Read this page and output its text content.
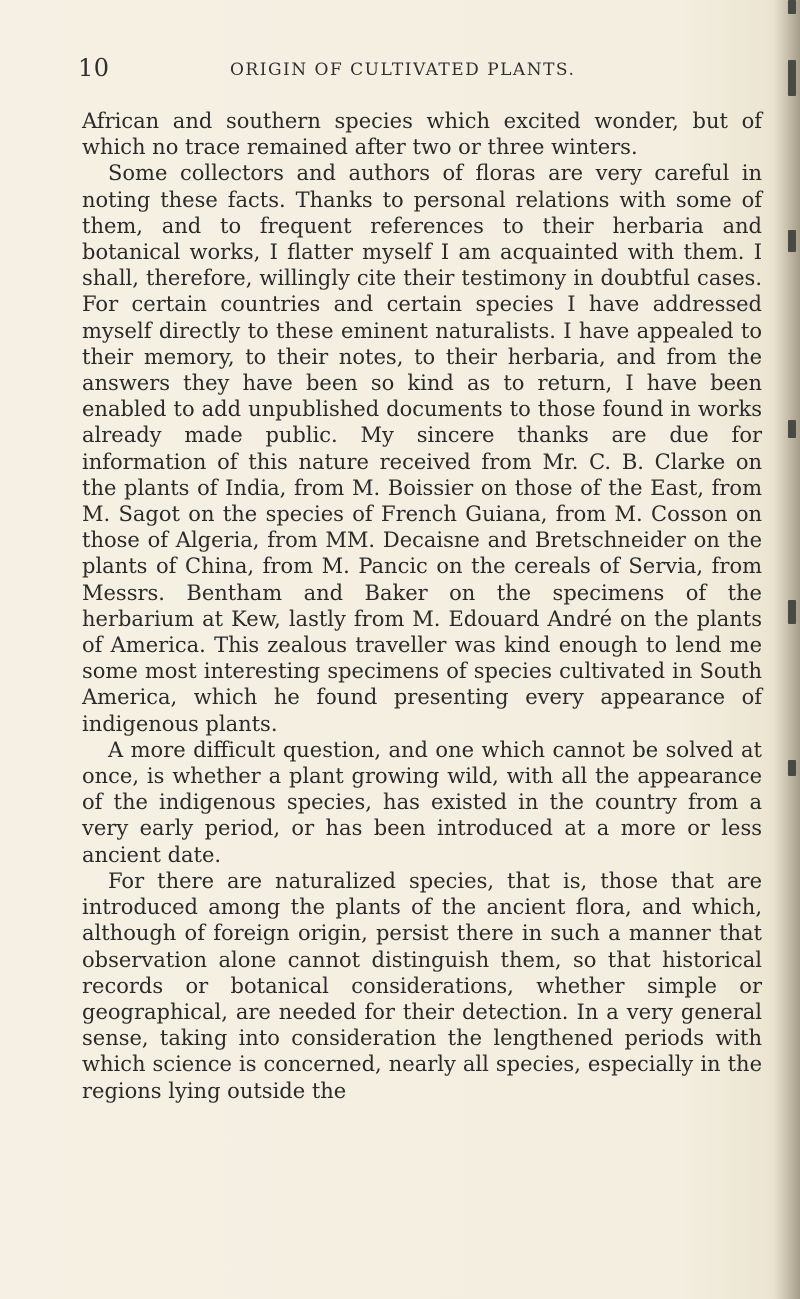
10	ORIGIN OF CULTIVATED PLANTS.

African and southern species which excited wonder, but of which no trace remained after two or three winters.

Some collectors and authors of floras are very careful in noting these facts. Thanks to personal relations with some of them, and to frequent references to their herbaria and botanical works, I flatter myself I am acquainted with them. I shall, therefore, willingly cite their testimony in doubtful cases. For certain countries and certain species I have addressed myself directly to these eminent naturalists. I have appealed to their memory, to their notes, to their herbaria, and from the answers they have been so kind as to return, I have been enabled to add unpublished documents to those found in works already made public. My sincere thanks are due for information of this nature received from Mr. C. B. Clarke on the plants of India, from M. Boissier on those of the East, from M. Sagot on the species of French Guiana, from M. Cosson on those of Algeria, from MM. Decaisne and Bretschneider on the plants of China, from M. Pancic on the cereals of Servia, from Messrs. Bentham and Baker on the specimens of the herbarium at Kew, lastly from M. Edouard André on the plants of America. This zealous traveller was kind enough to lend me some most interesting specimens of species cultivated in South America, which he found presenting every appearance of indigenous plants.

A more difficult question, and one which cannot be solved at once, is whether a plant growing wild, with all the appearance of the indigenous species, has existed in the country from a very early period, or has been introduced at a more or less ancient date.

For there are naturalized species, that is, those that are introduced among the plants of the ancient flora, and which, although of foreign origin, persist there in such a manner that observation alone cannot distinguish them, so that historical records or botanical considerations, whether simple or geographical, are needed for their detection. In a very general sense, taking into consideration the lengthened periods with which science is concerned, nearly all species, especially in the regions lying outside the
